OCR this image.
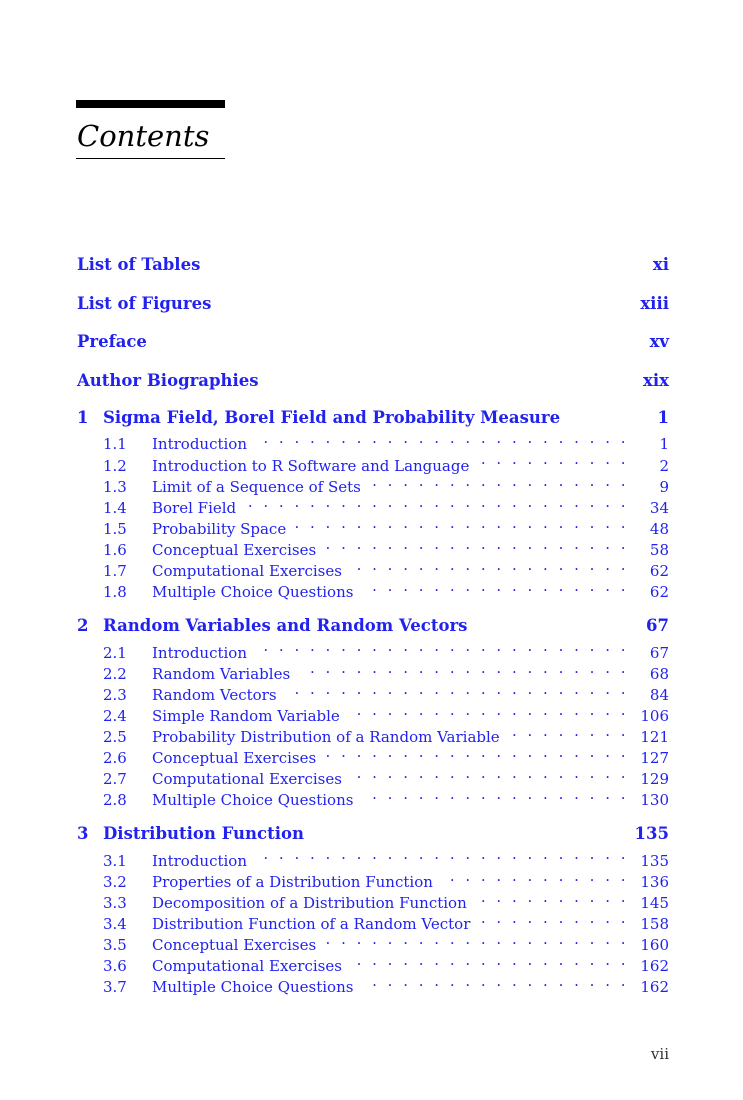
Contents
List of Tables	xi
List of Figures	xiii
Preface	xv
Author Biographies	xix
1 Sigma Field, Borel Field and Probability Measure	1
1.1	Introduction . . .	1
1.2	Introduction to R Software and Language . . .	2
1.3	Limit of a Sequence of Sets . . .	9
1.4	Borel Field . . .	34
1.5	Probability Space . . .	48
1.6	Conceptual Exercises . . .	58
1.7	Computational Exercises . . .	62
1.8	Multiple Choice Questions . . .	62
2 Random Variables and Random Vectors	67
2.1	Introduction . . .	67
2.2	Random Variables . . .	68
2.3	Random Vectors . . .	84
2.4	Simple Random Variable . . .	106
2.5	Probability Distribution of a Random Variable . . .	121
2.6	Conceptual Exercises . . .	127
2.7	Computational Exercises . . .	129
2.8	Multiple Choice Questions . . .	130
3 Distribution Function	135
3.1	Introduction . . .	135
3.2	Properties of a Distribution Function . . .	136
3.3	Decomposition of a Distribution Function . . .	145
3.4	Distribution Function of a Random Vector . . .	158
3.5	Conceptual Exercises . . .	160
3.6	Computational Exercises . . .	162
3.7	Multiple Choice Questions . . .	162
vii
